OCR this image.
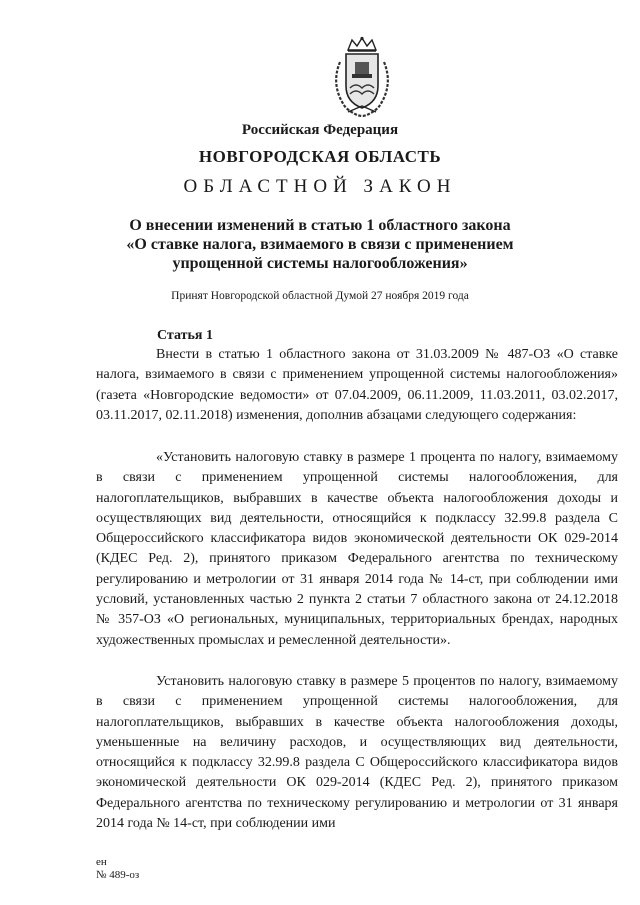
Российская Федерация
НОВГОРОДСКАЯ ОБЛАСТЬ
ОБЛАСТНОЙ ЗАКОН
О внесении изменений в статью 1 областного закона
«О ставке налога, взимаемого в связи с применением
упрощенной системы налогообложения»
Принят Новгородской областной Думой 27 ноября 2019 года
Статья 1

Внести в статью 1 областного закона от 31.03.2009 № 487-ОЗ «О ставке налога, взимаемого в связи с применением упрощенной системы налогообложения» (газета «Новгородские ведомости» от 07.04.2009, 06.11.2009, 11.03.2011, 03.02.2017, 03.11.2017, 02.11.2018) изменения, дополнив абзацами следующего содержания:

«Установить налоговую ставку в размере 1 процента по налогу, взимаемому в связи с применением упрощенной системы налогообложения, для налогоплательщиков, выбравших в качестве объекта налогообложения доходы и осуществляющих вид деятельности, относящийся к подклассу 32.99.8 раздела С Общероссийского классификатора видов экономической деятельности ОК 029-2014 (КДЕС Ред. 2), принятого приказом Федерального агентства по техническому регулированию и метрологии от 31 января 2014 года № 14-ст, при соблюдении ими условий, установленных частью 2 пункта 2 статьи 7 областного закона от 24.12.2018 № 357-ОЗ «О региональных, муниципальных, территориальных брендах, народных художественных промыслах и ремесленной деятельности».

Установить налоговую ставку в размере 5 процентов по налогу, взимаемому в связи с применением упрощенной системы налогообложения, для налогоплательщиков, выбравших в качестве объекта налогообложения доходы, уменьшенные на величину расходов, и осуществляющих вид деятельности, относящийся к подклассу 32.99.8 раздела С Общероссийского классификатора видов экономической деятельности ОК 029-2014 (КДЕС Ред. 2), принятого приказом Федерального агентства по техническому регулированию и метрологии от 31 января 2014 года № 14-ст, при соблюдении ими

ен
№ 489-оз
